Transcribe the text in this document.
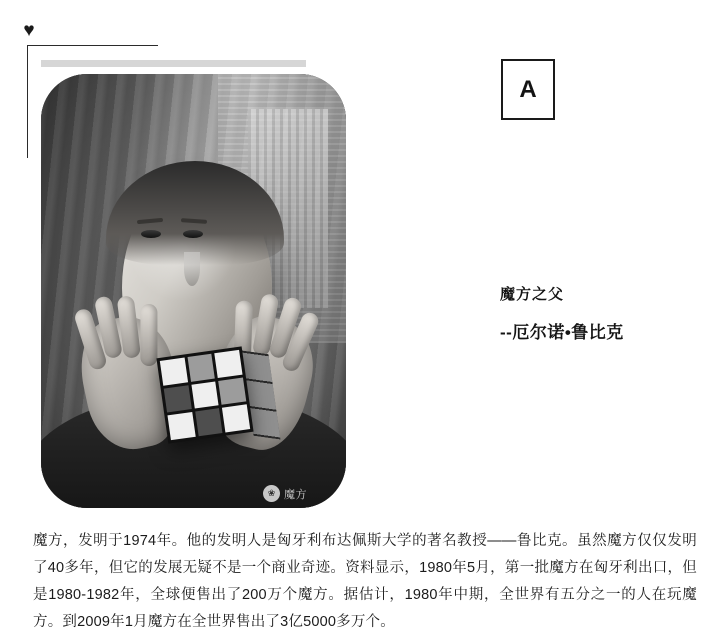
♥
❀ 魔方
A
魔方之父
--厄尔诺•鲁比克
魔方，发明于1974年。他的发明人是匈牙利布达佩斯大学的著名教授——鲁比克。虽然魔方仅仅发明了40多年，但它的发展无疑不是一个商业奇迹。资料显示，1980年5月，第一批魔方在匈牙利出口，但是1980-1982年，全球便售出了200万个魔方。据估计，1980年中期，全世界有五分之一的人在玩魔方。到2009年1月魔方在全世界售出了3亿5000多万个。
